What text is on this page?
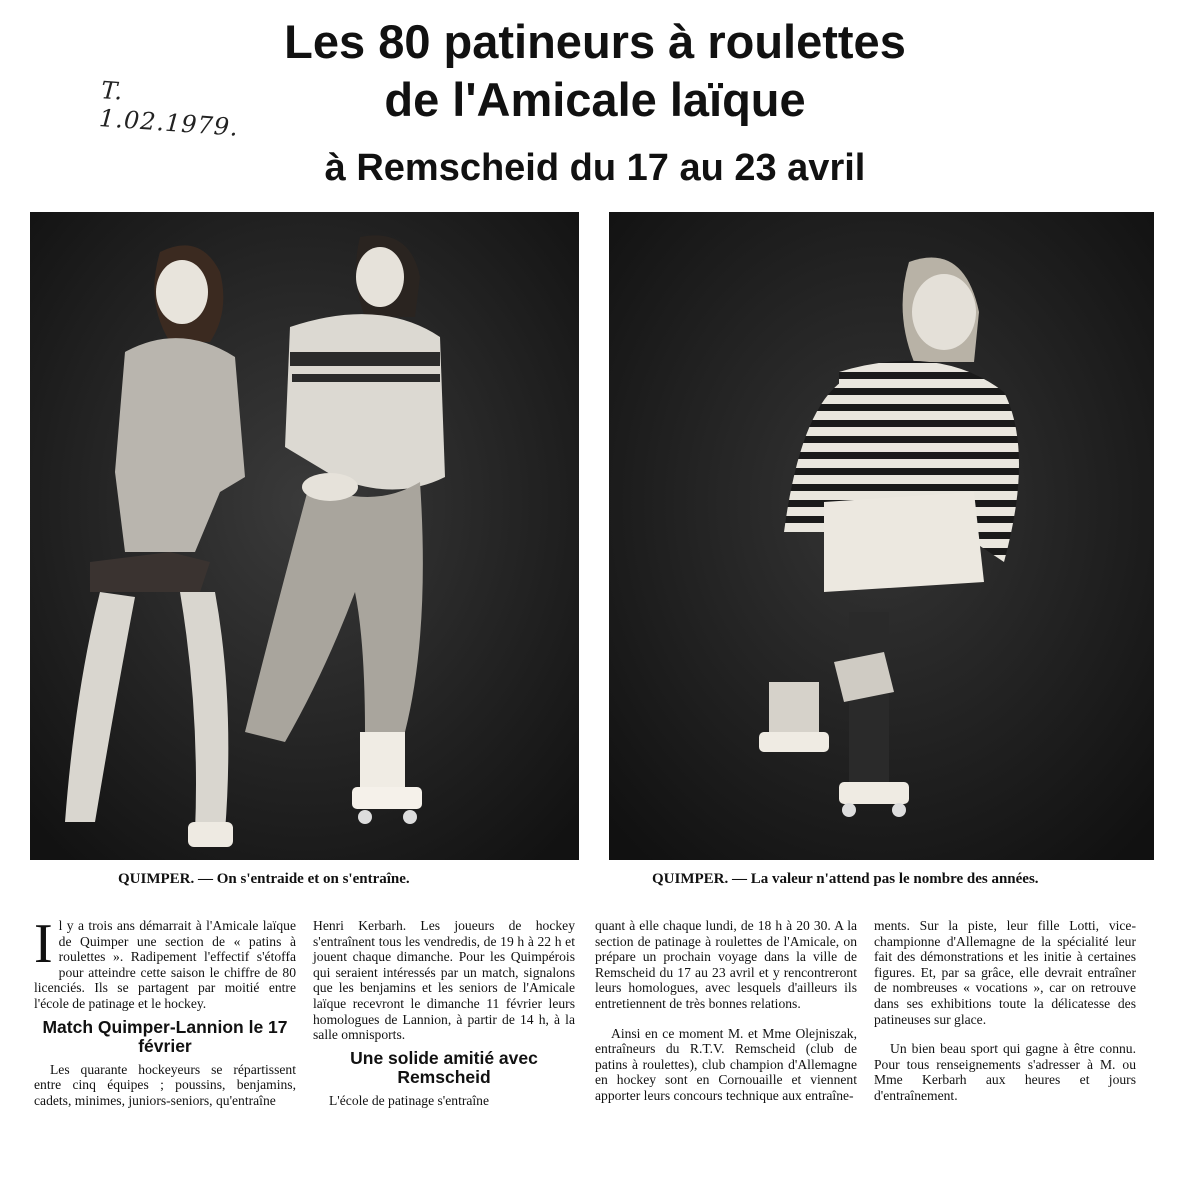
T. 1.02.1979.
Les 80 patineurs à roulettes
de l'Amicale laïque
à Remscheid du 17 au 23 avril
QUIMPER. — On s'entraide et on s'entraîne.	QUIMPER. — La valeur n'attend pas le nombre des années.

Il y a trois ans démarrait à l'Amicale laïque de Quimper une section de « patins à roulettes ». Radipement l'effectif s'étoffa pour atteindre cette saison le chiffre de 80 licenciés. Ils se partagent par moitié entre l'école de patinage et le hockey.

Match Quimper-Lannion le 17 février

Les quarante hockeyeurs se répartissent entre cinq équipes ; poussins, benjamins, cadets, minimes, juniors-seniors, qu'entraîne

Henri Kerbarh. Les joueurs de hockey s'entraînent tous les vendredis, de 19 h à 22 h et jouent chaque dimanche. Pour les Quimpérois qui seraient intéressés par un match, signalons que les benjamins et les seniors de l'Amicale laïque recevront le dimanche 11 février leurs homologues de Lannion, à partir de 14 h, à la salle omnisports.

Une solide amitié avec Remscheid

L'école de patinage s'entraîne

quant à elle chaque lundi, de 18 h à 20 30. A la section de patinage à roulettes de l'Amicale, on prépare un prochain voyage dans la ville de Remscheid du 17 au 23 avril et y rencontreront leurs homologues, avec lesquels d'ailleurs ils entretiennent de très bonnes relations.

Ainsi en ce moment M. et Mme Olejniszak, entraîneurs du R.T.V. Remscheid (club de patins à roulettes), club champion d'Allemagne en hockey sont en Cornouaille et viennent apporter leurs concours technique aux entraîne-

ments. Sur la piste, leur fille Lotti, vice-championne d'Allemagne de la spécialité leur fait des démonstrations et les initie à certaines figures. Et, par sa grâce, elle devrait entraîner de nombreuses « vocations », car on retrouve dans ses exhibitions toute la délicatesse des patineuses sur glace.

Un bien beau sport qui gagne à être connu. Pour tous renseignements s'adresser à M. ou Mme Kerbarh aux heures et jours d'entraînement.
